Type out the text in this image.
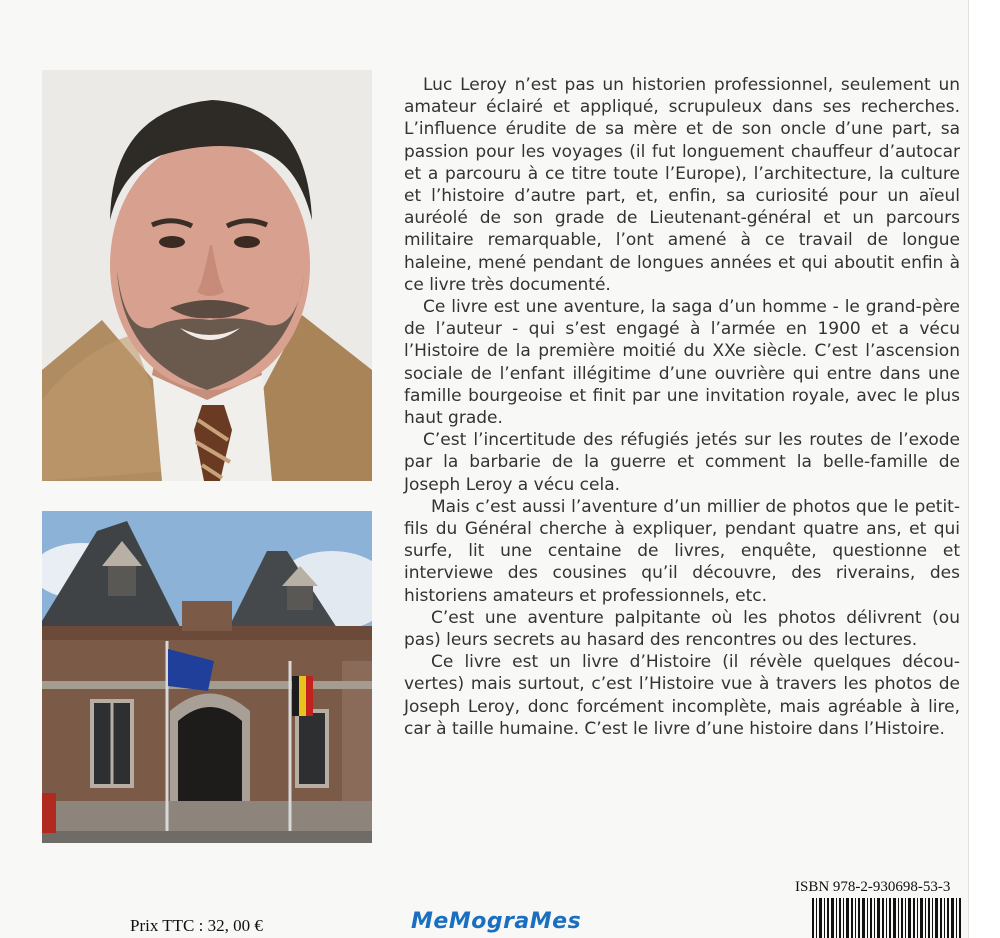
Luc Leroy n’est pas un historien professionnel, seulement un amateur éclairé et appliqué, scrupuleux dans ses recherches. L’influence érudite de sa mère et de son oncle d’une part, sa passion pour les voyages (il fut longuement chauffeur d’autocar et a parcouru à ce titre toute l’Europe), l’architecture, la culture et l’histoire d’autre part, et, enfin, sa curiosité pour un aïeul auréolé de son grade de Lieutenant-général et un parcours militaire remarquable, l’ont amené à ce travail de longue haleine, mené pendant de longues années et qui aboutit enfin à ce livre très documenté.

Ce livre est une aventure, la saga d’un homme - le grand-père de l’auteur - qui s’est engagé à l’armée en 1900 et a vécu l’Histoire de la première moitié du XXe siècle. C’est l’ascension sociale de l’enfant illégitime d’une ouvrière qui entre dans une famille bourgeoise et finit par une invitation royale, avec le plus haut grade.

C’est l’incertitude des réfugiés jetés sur les routes de l’exode par la barbarie de la guerre et comment la belle-famille de Joseph Leroy a vécu cela.

Mais c’est aussi l’aventure d’un millier de photos que le petit-fils du Général cherche à expliquer, pendant quatre ans, et qui surfe, lit une centaine de livres, enquête, questionne et interviewe des cousines qu’il découvre, des riverains, des historiens amateurs et professionnels, etc.

C’est une aventure palpitante où les photos délivrent (ou pas) leurs secrets au hasard des rencontres ou des lectures.

Ce livre est un livre d’Histoire (il révèle quelques découvertes) mais surtout, c’est l’Histoire vue à travers les photos de Joseph Leroy, donc forcément incomplète, mais agréable à lire, car à taille humaine. C’est le livre d’une histoire dans l’Histoire.

Prix TTC : 32, 00 €	MeMograMes
ISBN 978-2-930698-53-3
